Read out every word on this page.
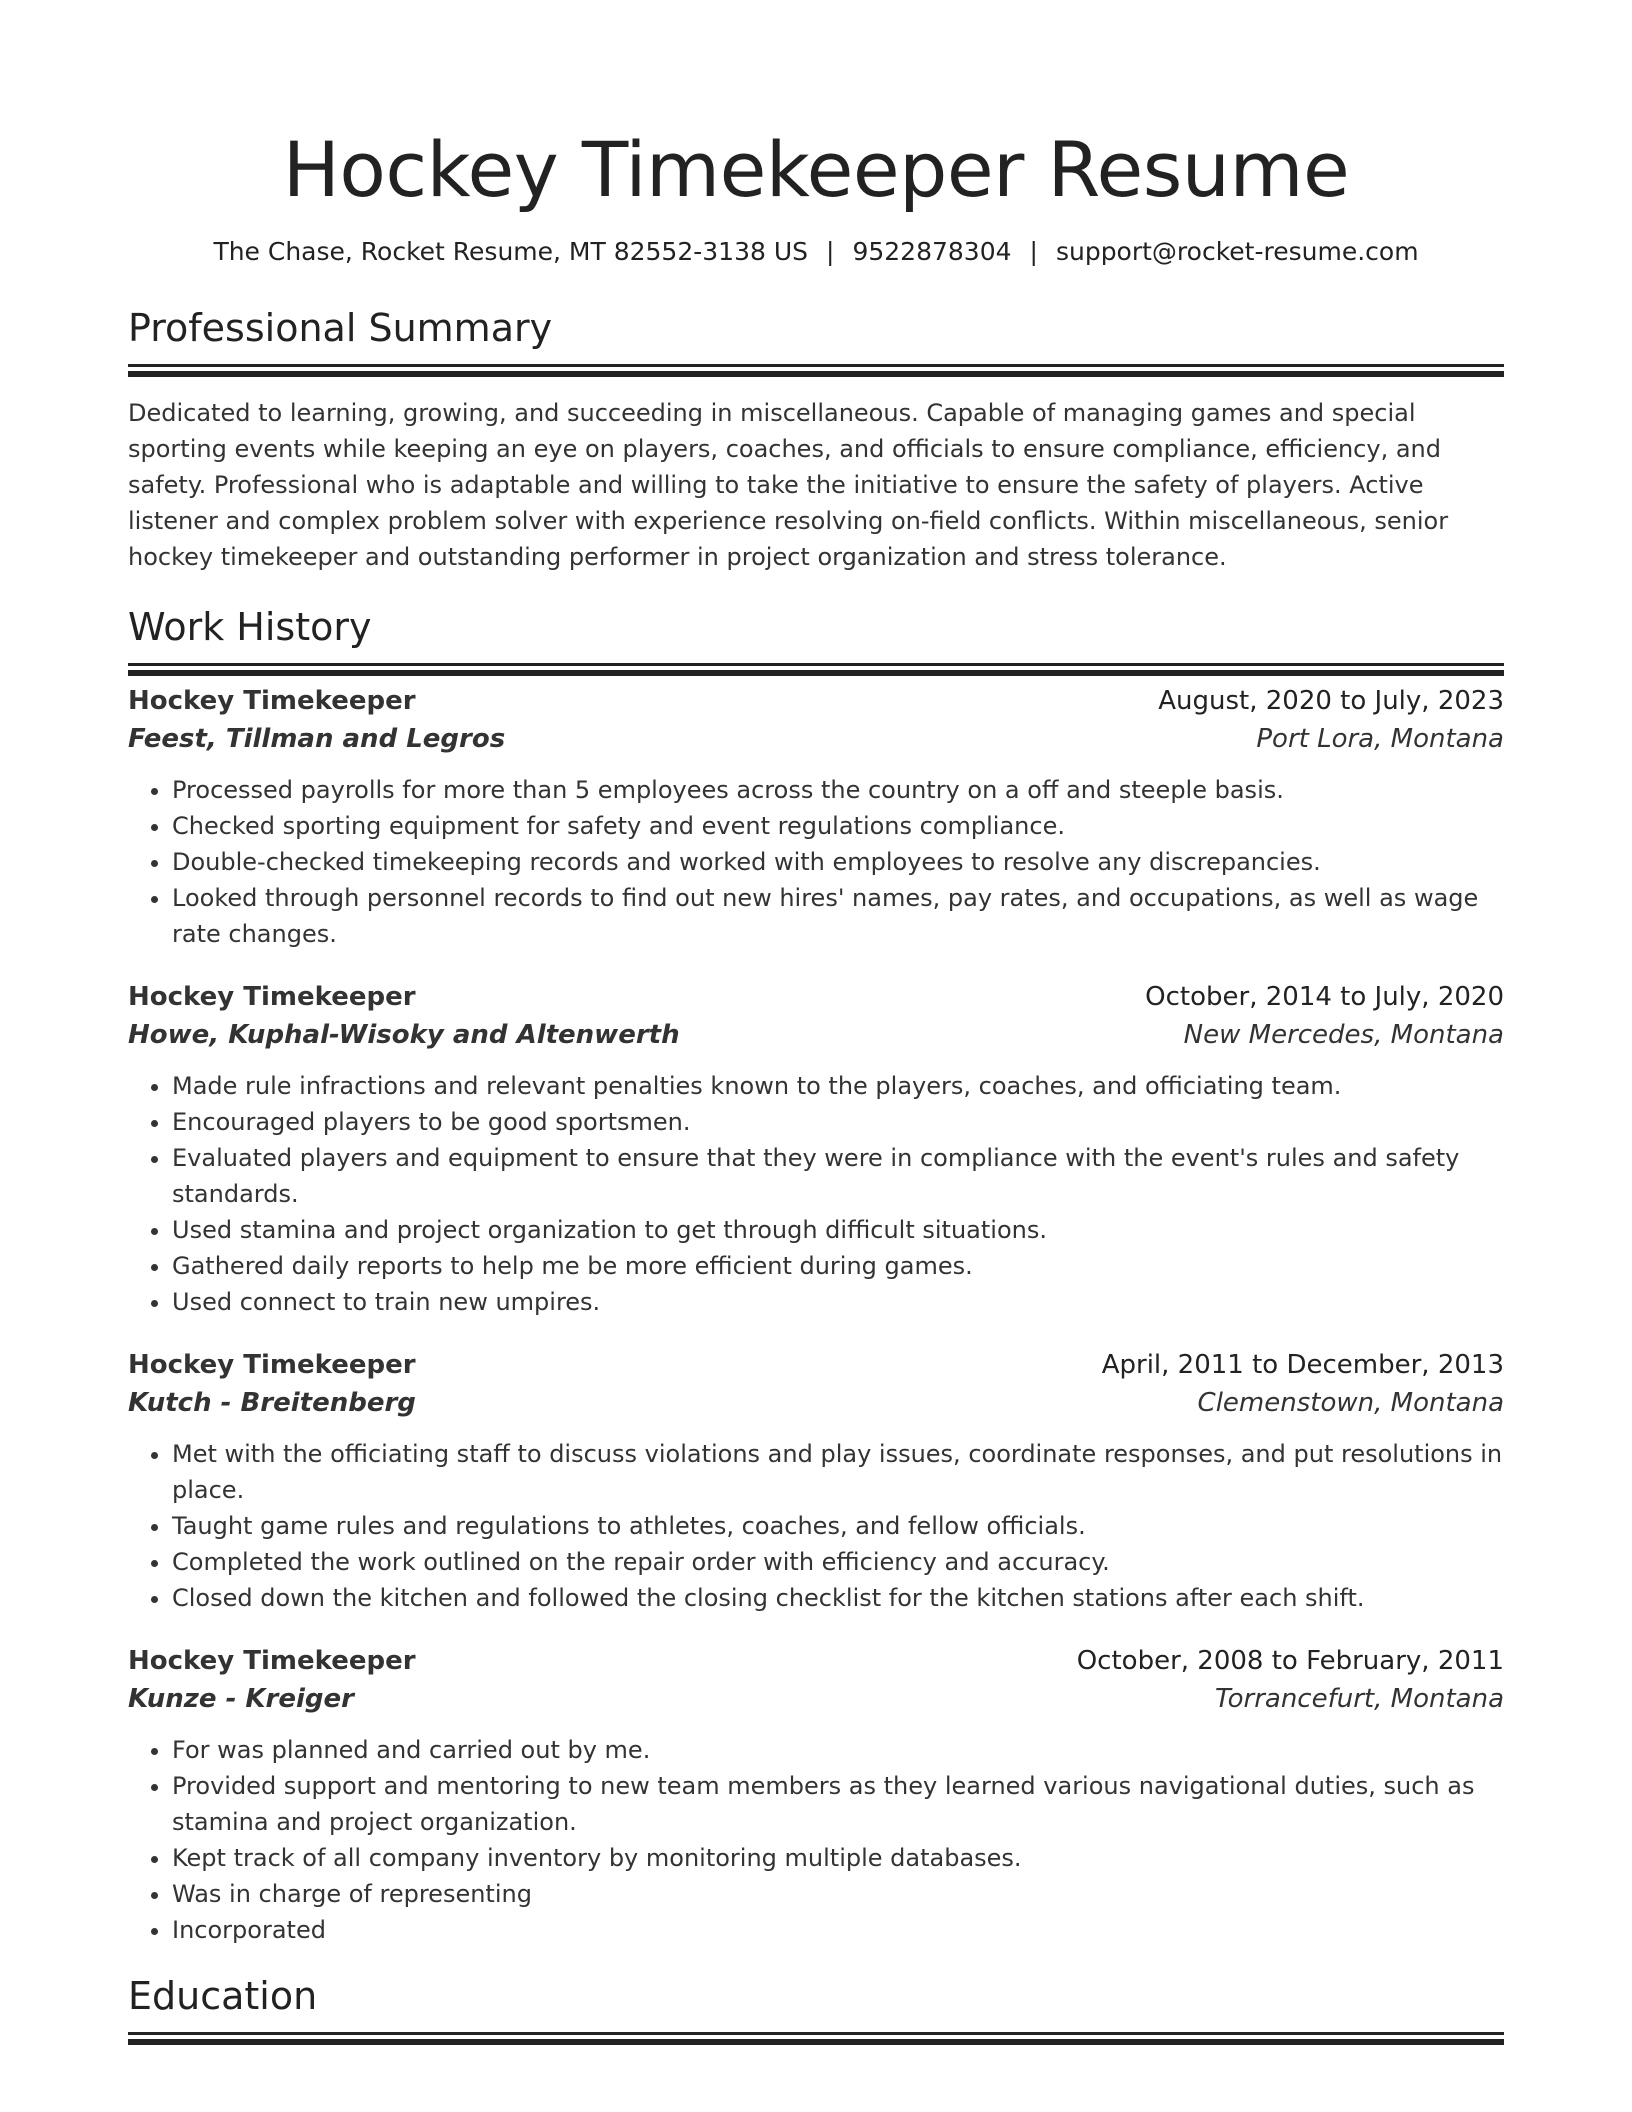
Hockey Timekeeper Resume
The Chase, Rocket Resume, MT 82552-3138 US | 9522878304 | support@rocket-resume.com
Professional Summary

Dedicated to learning, growing, and succeeding in miscellaneous. Capable of managing games and special sporting events while keeping an eye on players, coaches, and officials to ensure compliance, efficiency, and safety. Professional who is adaptable and willing to take the initiative to ensure the safety of players. Active listener and complex problem solver with experience resolving on-field conflicts. Within miscellaneous, senior hockey timekeeper and outstanding performer in project organization and stress tolerance.

Work History
Hockey Timekeeper	August, 2020 to July, 2023
Feest, Tillman and Legros	Port Lora, Montana
• Processed payrolls for more than 5 employees across the country on a off and steeple basis.
• Checked sporting equipment for safety and event regulations compliance.
• Double-checked timekeeping records and worked with employees to resolve any discrepancies.
• Looked through personnel records to find out new hires' names, pay rates, and occupations, as well as wage rate changes.
Hockey Timekeeper	October, 2014 to July, 2020
Howe, Kuphal-Wisoky and Altenwerth	New Mercedes, Montana
• Made rule infractions and relevant penalties known to the players, coaches, and officiating team.
• Encouraged players to be good sportsmen.
• Evaluated players and equipment to ensure that they were in compliance with the event's rules and safety standards.
• Used stamina and project organization to get through difficult situations.
• Gathered daily reports to help me be more efficient during games.
• Used connect to train new umpires.
Hockey Timekeeper	April, 2011 to December, 2013
Kutch - Breitenberg	Clemenstown, Montana
• Met with the officiating staff to discuss violations and play issues, coordinate responses, and put resolutions in place.
• Taught game rules and regulations to athletes, coaches, and fellow officials.
• Completed the work outlined on the repair order with efficiency and accuracy.
• Closed down the kitchen and followed the closing checklist for the kitchen stations after each shift.
Hockey Timekeeper	October, 2008 to February, 2011
Kunze - Kreiger	Torrancefurt, Montana
• For was planned and carried out by me.
• Provided support and mentoring to new team members as they learned various navigational duties, such as stamina and project organization.
• Kept track of all company inventory by monitoring multiple databases.
• Was in charge of representing
• Incorporated
Education
